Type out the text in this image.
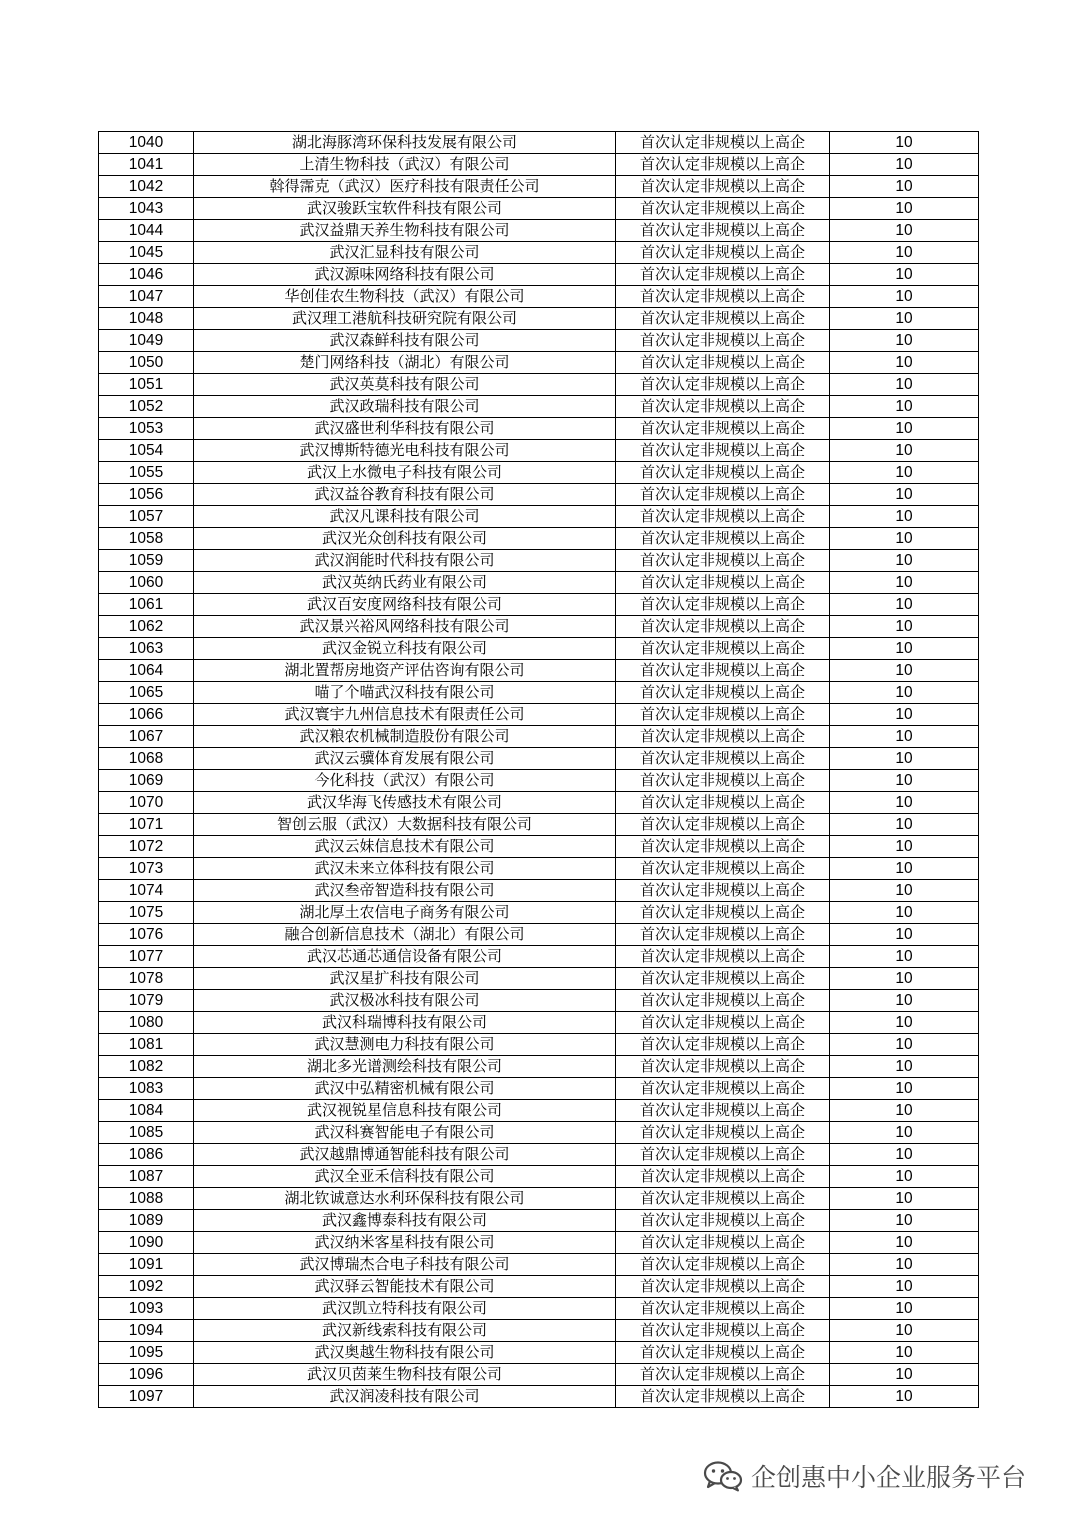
1040	湖北海豚湾环保科技发展有限公司	首次认定非规模以上高企	10
1041	上清生物科技（武汉）有限公司	首次认定非规模以上高企	10
1042	斡得霈克（武汉）医疗科技有限责任公司	首次认定非规模以上高企	10
1043	武汉骏跃宝软件科技有限公司	首次认定非规模以上高企	10
1044	武汉益鼎天养生物科技有限公司	首次认定非规模以上高企	10
1045	武汉汇显科技有限公司	首次认定非规模以上高企	10
1046	武汉源味网络科技有限公司	首次认定非规模以上高企	10
1047	华创佳农生物科技（武汉）有限公司	首次认定非规模以上高企	10
1048	武汉理工港航科技研究院有限公司	首次认定非规模以上高企	10
1049	武汉森鲜科技有限公司	首次认定非规模以上高企	10
1050	楚门网络科技（湖北）有限公司	首次认定非规模以上高企	10
1051	武汉英莫科技有限公司	首次认定非规模以上高企	10
1052	武汉政瑞科技有限公司	首次认定非规模以上高企	10
1053	武汉盛世利华科技有限公司	首次认定非规模以上高企	10
1054	武汉博斯特德光电科技有限公司	首次认定非规模以上高企	10
1055	武汉上水微电子科技有限公司	首次认定非规模以上高企	10
1056	武汉益谷教育科技有限公司	首次认定非规模以上高企	10
1057	武汉凡课科技有限公司	首次认定非规模以上高企	10
1058	武汉光众创科技有限公司	首次认定非规模以上高企	10
1059	武汉润能时代科技有限公司	首次认定非规模以上高企	10
1060	武汉英纳氏药业有限公司	首次认定非规模以上高企	10
1061	武汉百安度网络科技有限公司	首次认定非规模以上高企	10
1062	武汉景兴裕风网络科技有限公司	首次认定非规模以上高企	10
1063	武汉金锐立科技有限公司	首次认定非规模以上高企	10
1064	湖北置帮房地资产评估咨询有限公司	首次认定非规模以上高企	10
1065	喵了个喵武汉科技有限公司	首次认定非规模以上高企	10
1066	武汉寰宇九州信息技术有限责任公司	首次认定非规模以上高企	10
1067	武汉粮农机械制造股份有限公司	首次认定非规模以上高企	10
1068	武汉云骥体育发展有限公司	首次认定非规模以上高企	10
1069	今化科技（武汉）有限公司	首次认定非规模以上高企	10
1070	武汉华海飞传感技术有限公司	首次认定非规模以上高企	10
1071	智创云服（武汉）大数据科技有限公司	首次认定非规模以上高企	10
1072	武汉云妹信息技术有限公司	首次认定非规模以上高企	10
1073	武汉未来立体科技有限公司	首次认定非规模以上高企	10
1074	武汉叁帝智造科技有限公司	首次认定非规模以上高企	10
1075	湖北厚土农信电子商务有限公司	首次认定非规模以上高企	10
1076	融合创新信息技术（湖北）有限公司	首次认定非规模以上高企	10
1077	武汉芯通芯通信设备有限公司	首次认定非规模以上高企	10
1078	武汉星扩科技有限公司	首次认定非规模以上高企	10
1079	武汉极冰科技有限公司	首次认定非规模以上高企	10
1080	武汉科瑞博科技有限公司	首次认定非规模以上高企	10
1081	武汉慧测电力科技有限公司	首次认定非规模以上高企	10
1082	湖北多光谱测绘科技有限公司	首次认定非规模以上高企	10
1083	武汉中弘精密机械有限公司	首次认定非规模以上高企	10
1084	武汉视锐星信息科技有限公司	首次认定非规模以上高企	10
1085	武汉科赛智能电子有限公司	首次认定非规模以上高企	10
1086	武汉越鼎博通智能科技有限公司	首次认定非规模以上高企	10
1087	武汉全亚禾信科技有限公司	首次认定非规模以上高企	10
1088	湖北钦诚意达水利环保科技有限公司	首次认定非规模以上高企	10
1089	武汉鑫博泰科技有限公司	首次认定非规模以上高企	10
1090	武汉纳米客星科技有限公司	首次认定非规模以上高企	10
1091	武汉博瑞杰合电子科技有限公司	首次认定非规模以上高企	10
1092	武汉驿云智能技术有限公司	首次认定非规模以上高企	10
1093	武汉凯立特科技有限公司	首次认定非规模以上高企	10
1094	武汉新线索科技有限公司	首次认定非规模以上高企	10
1095	武汉奥越生物科技有限公司	首次认定非规模以上高企	10
1096	武汉贝茵莱生物科技有限公司	首次认定非规模以上高企	10
1097	武汉润凌科技有限公司	首次认定非规模以上高企	10
企创惠中小企业服务平台
